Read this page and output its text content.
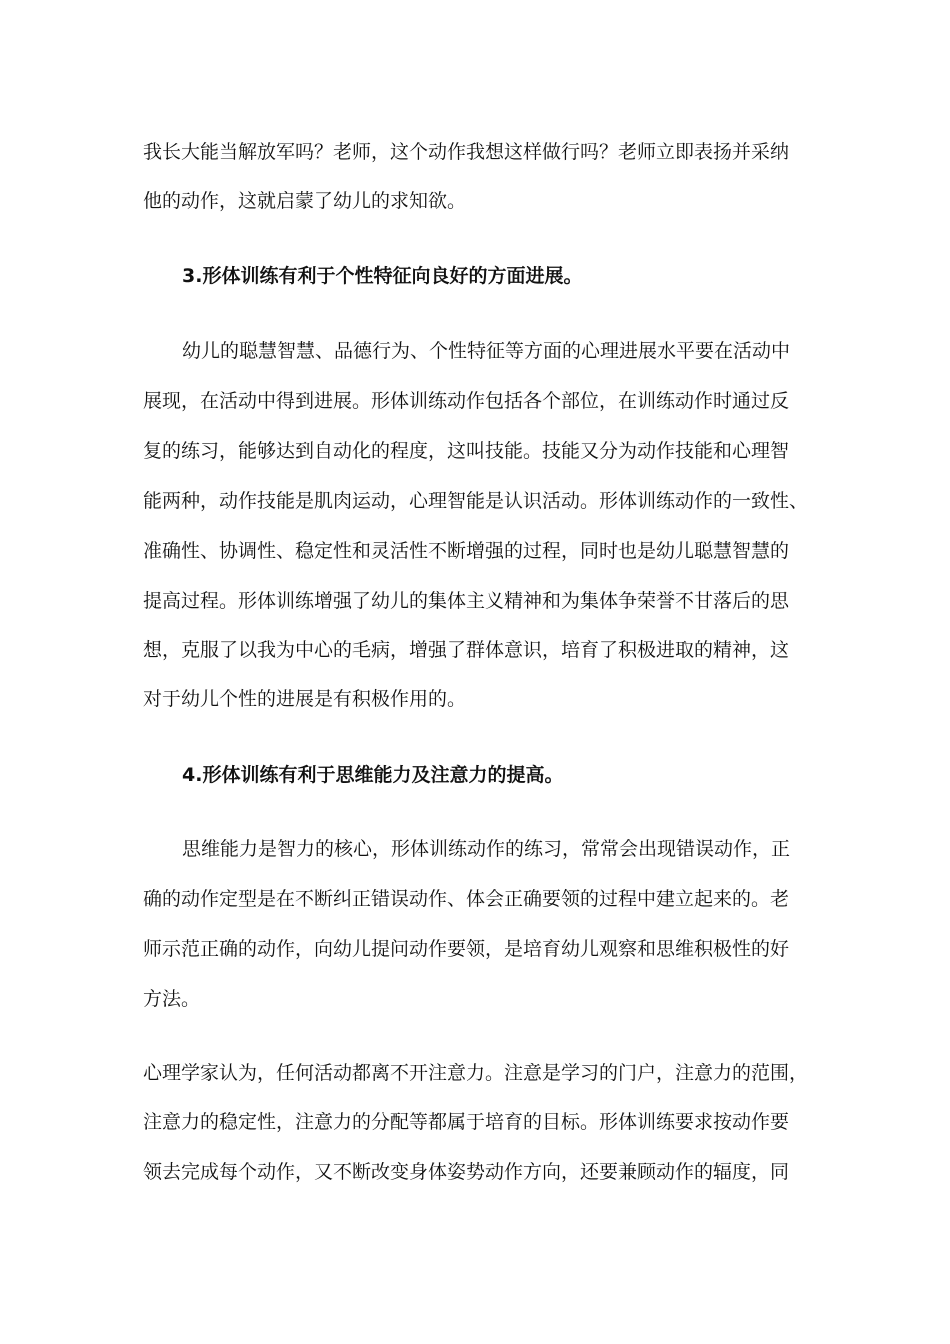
我长大能当解放军吗？老师，这个动作我想这样做行吗？老师立即表扬并采纳
他的动作，这就启蒙了幼儿的求知欲。
3.形体训练有利于个性特征向良好的方面进展。
幼儿的聪慧智慧、品德行为、个性特征等方面的心理进展水平要在活动中
展现，在活动中得到进展。形体训练动作包括各个部位，在训练动作时通过反
复的练习，能够达到自动化的程度，这叫技能。技能又分为动作技能和心理智
能两种，动作技能是肌肉运动，心理智能是认识活动。形体训练动作的一致性、
准确性、协调性、稳定性和灵活性不断增强的过程，同时也是幼儿聪慧智慧的
提高过程。形体训练增强了幼儿的集体主义精神和为集体争荣誉不甘落后的思
想，克服了以我为中心的毛病，增强了群体意识，培育了积极进取的精神，这
对于幼儿个性的进展是有积极作用的。
4.形体训练有利于思维能力及注意力的提高。
思维能力是智力的核心，形体训练动作的练习，常常会出现错误动作，正
确的动作定型是在不断纠正错误动作、体会正确要领的过程中建立起来的。老
师示范正确的动作，向幼儿提问动作要领，是培育幼儿观察和思维积极性的好
方法。
心理学家认为，任何活动都离不开注意力。注意是学习的门户，注意力的范围，
注意力的稳定性，注意力的分配等都属于培育的目标。形体训练要求按动作要
领去完成每个动作，又不断改变身体姿势动作方向，还要兼顾动作的辐度，同
